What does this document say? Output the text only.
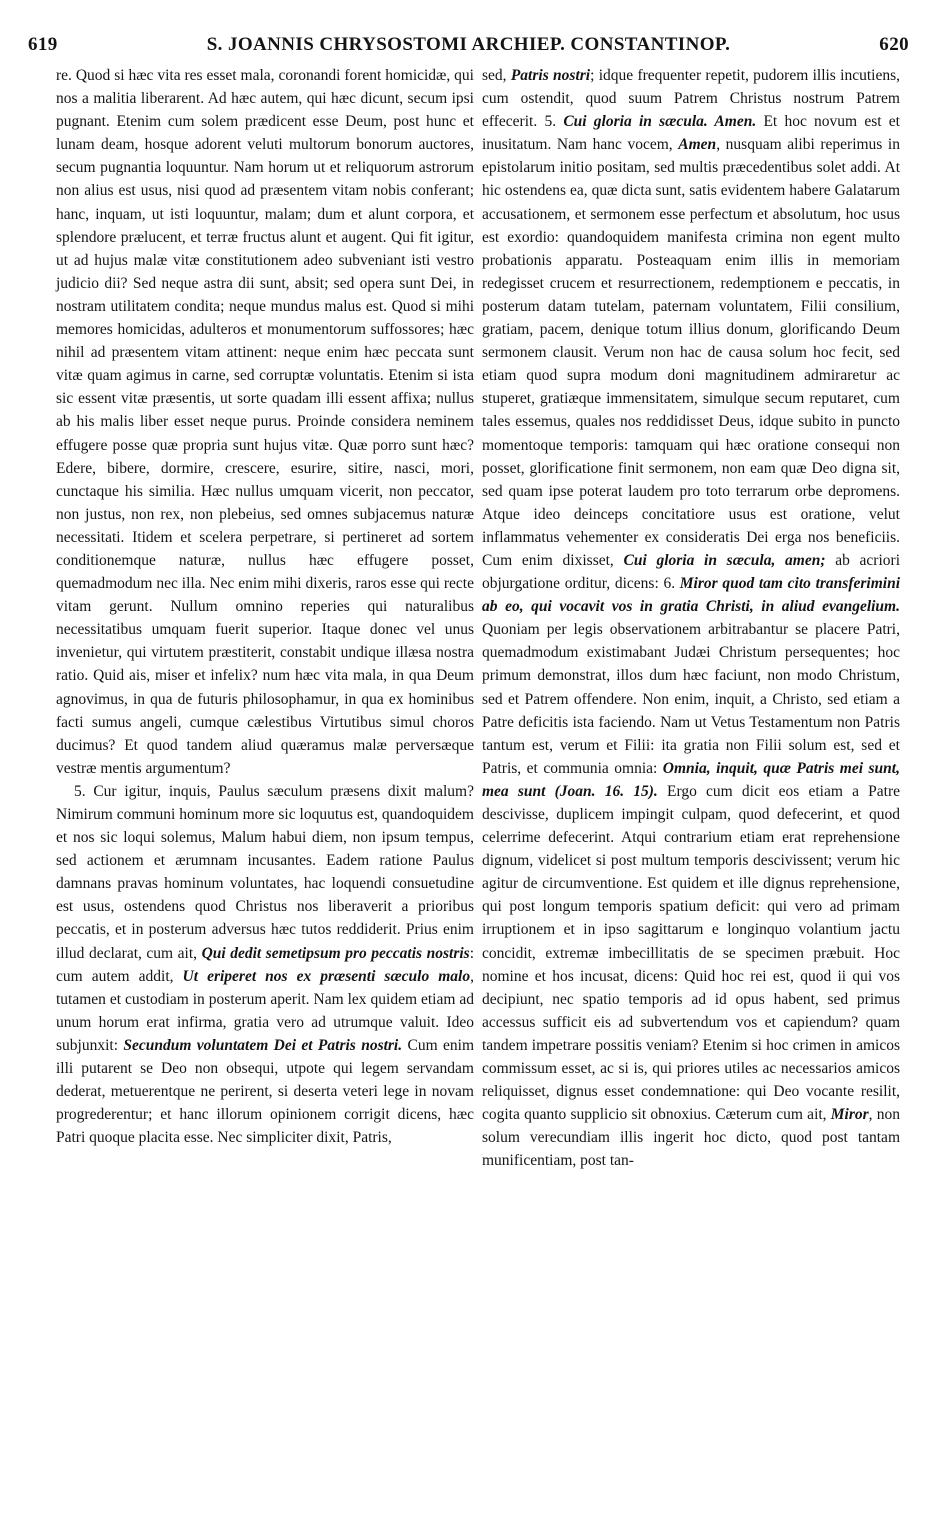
619	S. JOANNIS CHRYSOSTOMI ARCHIEP. CONSTANTINOP.	620

re. Quod si hæc vita res esset mala, coronandi forent homicidæ, qui nos a malitia liberarent. Ad hæc autem, qui hæc dicunt, secum ipsi pugnant. Etenim cum solem prædicent esse Deum, post hunc et lunam deam, hosque adorent veluti multorum bonorum auctores, secum pugnantia loquuntur. Nam horum ut et reliquorum astrorum non alius est usus, nisi quod ad præsentem vitam nobis conferant; hanc, inquam, ut isti loquuntur, malam; dum et alunt corpora, et splendore prælucent, et terræ fructus alunt et augent. Qui fit igitur, ut ad hujus malæ vitæ constitutionem adeo subveniant isti vestro judicio dii? Sed neque astra dii sunt, absit; sed opera sunt Dei, in nostram utilitatem condita; neque mundus malus est. Quod si mihi memores homicidas, adulteros et monumentorum suffossores; hæc nihil ad præsentem vitam attinent: neque enim hæc peccata sunt vitæ quam agimus in carne, sed corruptæ voluntatis. Etenim si ista sic essent vitæ præsentis, ut sorte quadam illi essent affixa; nullus ab his malis liber esset neque purus. Proinde considera neminem effugere posse quæ propria sunt hujus vitæ. Quæ porro sunt hæc? Edere, bibere, dormire, crescere, esurire, sitire, nasci, mori, cunctaque his similia. Hæc nullus umquam vicerit, non peccator, non justus, non rex, non plebeius, sed omnes subjacemus naturæ necessitati. Itidem et scelera perpetrare, si pertineret ad sortem conditionemque naturæ, nullus hæc effugere posset, quemadmodum nec illa. Nec enim mihi dixeris, raros esse qui recte vitam gerunt. Nullum omnino reperies qui naturalibus necessitatibus umquam fuerit superior. Itaque donec vel unus invenietur, qui virtutem præstiterit, constabit undique illæsa nostra ratio. Quid ais, miser et infelix? num hæc vita mala, in qua Deum agnovimus, in qua de futuris philosophamur, in qua ex hominibus facti sumus angeli, cumque cælestibus Virtutibus simul choros ducimus? Et quod tandem aliud quæramus malæ perversæque vestræ mentis argumentum?

5. Cur igitur, inquis, Paulus sæculum præsens dixit malum? Nimirum communi hominum more sic loquutus est, quandoquidem et nos sic loqui solemus, Malum habui diem, non ipsum tempus, sed actionem et ærumnam incusantes. Eadem ratione Paulus damnans pravas hominum voluntates, hac loquendi consuetudine est usus, ostendens quod Christus nos liberaverit a prioribus peccatis, et in posterum adversus hæc tutos reddiderit. Prius enim illud declarat, cum ait, Qui dedit semetipsum pro peccatis nostris: cum autem addit, Ut eriperet nos ex præsenti sæculo malo, tutamen et custodiam in posterum aperit. Nam lex quidem etiam ad unum horum erat infirma, gratia vero ad utrumque valuit. Ideo subjunxit: Secundum voluntatem Dei et Patris nostri. Cum enim illi putarent se Deo non obsequi, utpote qui legem servandam dederat, metuerentque ne perirent, si deserta veteri lege in novam progrederentur; et hanc illorum opinionem corrigit dicens, hæc Patri quoque placita esse. Nec simpliciter dixit, Patris,

sed, Patris nostri; idque frequenter repetit, pudorem illis incutiens, cum ostendit, quod suum Patrem Christus nostrum Patrem effecerit. 5. Cui gloria in sæcula. Amen. Et hoc novum est et inusitatum. Nam hanc vocem, Amen, nusquam alibi reperimus in epistolarum initio positam, sed multis præcedentibus solet addi. At hic ostendens ea, quæ dicta sunt, satis evidentem habere Galatarum accusationem, et sermonem esse perfectum et absolutum, hoc usus est exordio: quandoquidem manifesta crimina non egent multo probationis apparatu. Posteaquam enim illis in memoriam redegisset crucem et resurrectionem, redemptionem e peccatis, in posterum datam tutelam, paternam voluntatem, Filii consilium, gratiam, pacem, denique totum illius donum, glorificando Deum sermonem clausit. Verum non hac de causa solum hoc fecit, sed etiam quod supra modum doni magnitudinem admiraretur ac stuperet, gratiæque immensitatem, simulque secum reputaret, cum tales essemus, quales nos reddidisset Deus, idque subito in puncto momentoque temporis: tamquam qui hæc oratione consequi non posset, glorificatione finit sermonem, non eam quæ Deo digna sit, sed quam ipse poterat laudem pro toto terrarum orbe depromens. Atque ideo deinceps concitatiore usus est oratione, velut inflammatus vehementer ex consideratis Dei erga nos beneficiis. Cum enim dixisset, Cui gloria in sæcula, amen; ab acriori objurgatione orditur, dicens: 6. Miror quod tam cito transferimini ab eo, qui vocavit vos in gratia Christi, in aliud evangelium. Quoniam per legis observationem arbitrabantur se placere Patri, quemadmodum existimabant Judæi Christum persequentes; hoc primum demonstrat, illos dum hæc faciunt, non modo Christum, sed et Patrem offendere. Non enim, inquit, a Christo, sed etiam a Patre deficitis ista faciendo. Nam ut Vetus Testamentum non Patris tantum est, verum et Filii: ita gratia non Filii solum est, sed et Patris, et communia omnia: Omnia, inquit, quæ Patris mei sunt, mea sunt (Joan. 16. 15). Ergo cum dicit eos etiam a Patre descivisse, duplicem impingit culpam, quod defecerint, et quod celerrime defecerint. Atqui contrarium etiam erat reprehensione dignum, videlicet si post multum temporis descivissent; verum hic agitur de circumventione. Est quidem et ille dignus reprehensione, qui post longum temporis spatium deficit: qui vero ad primam irruptionem et in ipso sagittarum e longinquo volantium jactu concidit, extremæ imbecillitatis de se specimen præbuit. Hoc nomine et hos incusat, dicens: Quid hoc rei est, quod ii qui vos decipiunt, nec spatio temporis ad id opus habent, sed primus accessus sufficit eis ad subvertendum vos et capiendum? quam tandem impetrare possitis veniam? Etenim si hoc crimen in amicos commissum esset, ac si is, qui priores utiles ac necessarios amicos reliquisset, dignus esset condemnatione: qui Deo vocante resilit, cogita quanto supplicio sit obnoxius. Cæterum cum ait, Miror, non solum verecundiam illis ingerit hoc dicto, quod post tantam munificentiam, post tan-
